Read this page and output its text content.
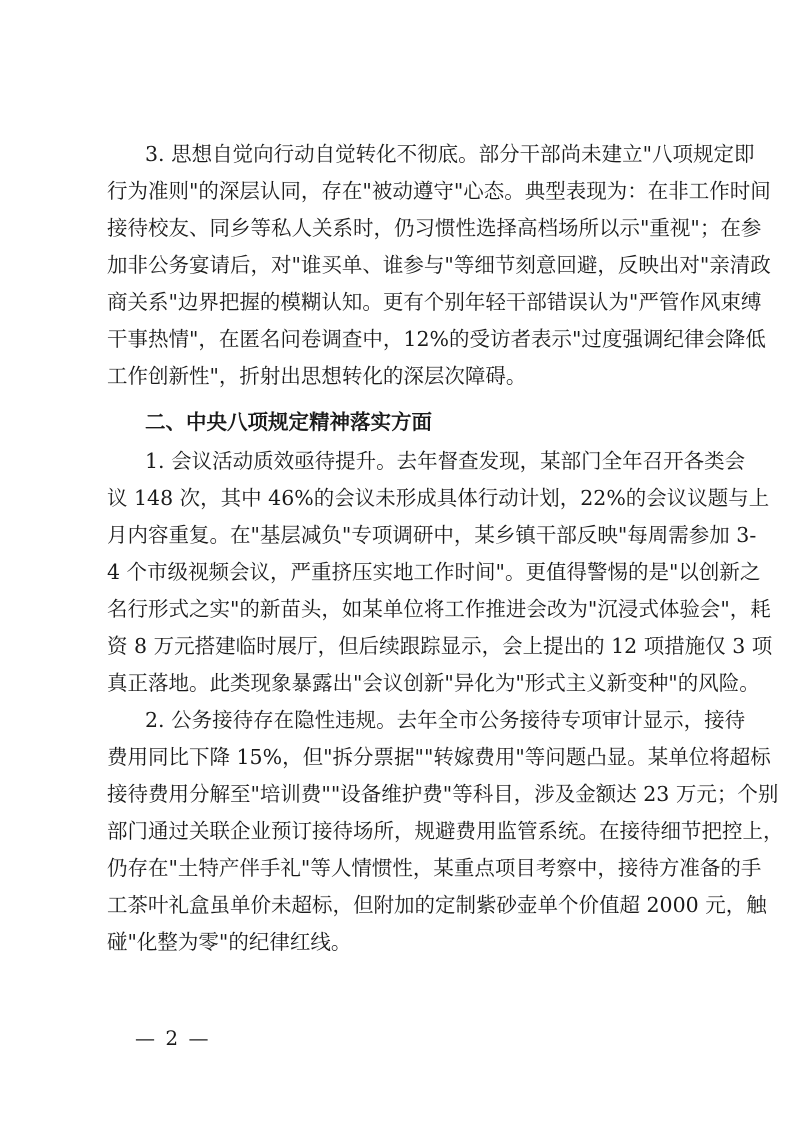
3. 思想自觉向行动自觉转化不彻底。部分干部尚未建立"八项规定即
行为准则"的深层认同，存在"被动遵守"心态。典型表现为：在非工作时间
接待校友、同乡等私人关系时，仍习惯性选择高档场所以示"重视"；在参
加非公务宴请后，对"谁买单、谁参与"等细节刻意回避，反映出对"亲清政
商关系"边界把握的模糊认知。更有个别年轻干部错误认为"严管作风束缚
干事热情"，在匿名问卷调查中，12%的受访者表示"过度强调纪律会降低
工作创新性"，折射出思想转化的深层次障碍。
二、中央八项规定精神落实方面
1. 会议活动质效亟待提升。去年督查发现，某部门全年召开各类会
议 148 次，其中 46%的会议未形成具体行动计划，22%的会议议题与上
月内容重复。在"基层减负"专项调研中，某乡镇干部反映"每周需参加 3-
4 个市级视频会议，严重挤压实地工作时间"。更值得警惕的是"以创新之
名行形式之实"的新苗头，如某单位将工作推进会改为"沉浸式体验会"，耗
资 8 万元搭建临时展厅，但后续跟踪显示，会上提出的 12 项措施仅 3 项
真正落地。此类现象暴露出"会议创新"异化为"形式主义新变种"的风险。
2. 公务接待存在隐性违规。去年全市公务接待专项审计显示，接待
费用同比下降 15%，但"拆分票据""转嫁费用"等问题凸显。某单位将超标
接待费用分解至"培训费""设备维护费"等科目，涉及金额达 23 万元；个别
部门通过关联企业预订接待场所，规避费用监管系统。在接待细节把控上，
仍存在"土特产伴手礼"等人情惯性，某重点项目考察中，接待方准备的手
工茶叶礼盒虽单价未超标，但附加的定制紫砂壶单个价值超 2000 元，触
碰"化整为零"的纪律红线。
— 2 —
